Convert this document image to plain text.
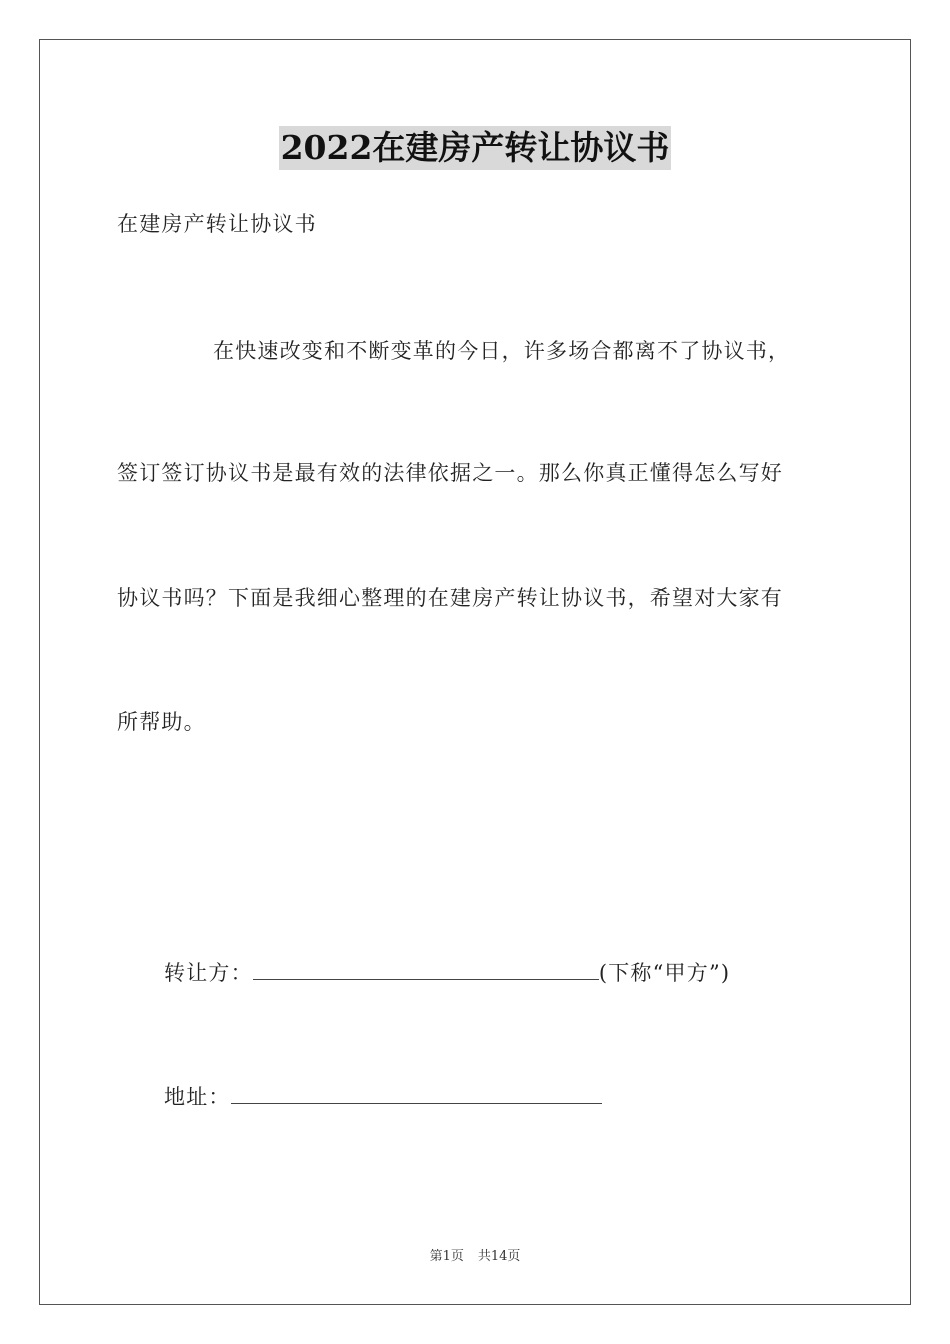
2022在建房产转让协议书
在建房产转让协议书
在快速改变和不断变革的今日，许多场合都离不了协议书，
签订签订协议书是最有效的法律依据之一。那么你真正懂得怎么写好
协议书吗？下面是我细心整理的在建房产转让协议书，希望对大家有
所帮助。
转让方：	(下称“甲方”)
地址：
第1页 共14页
